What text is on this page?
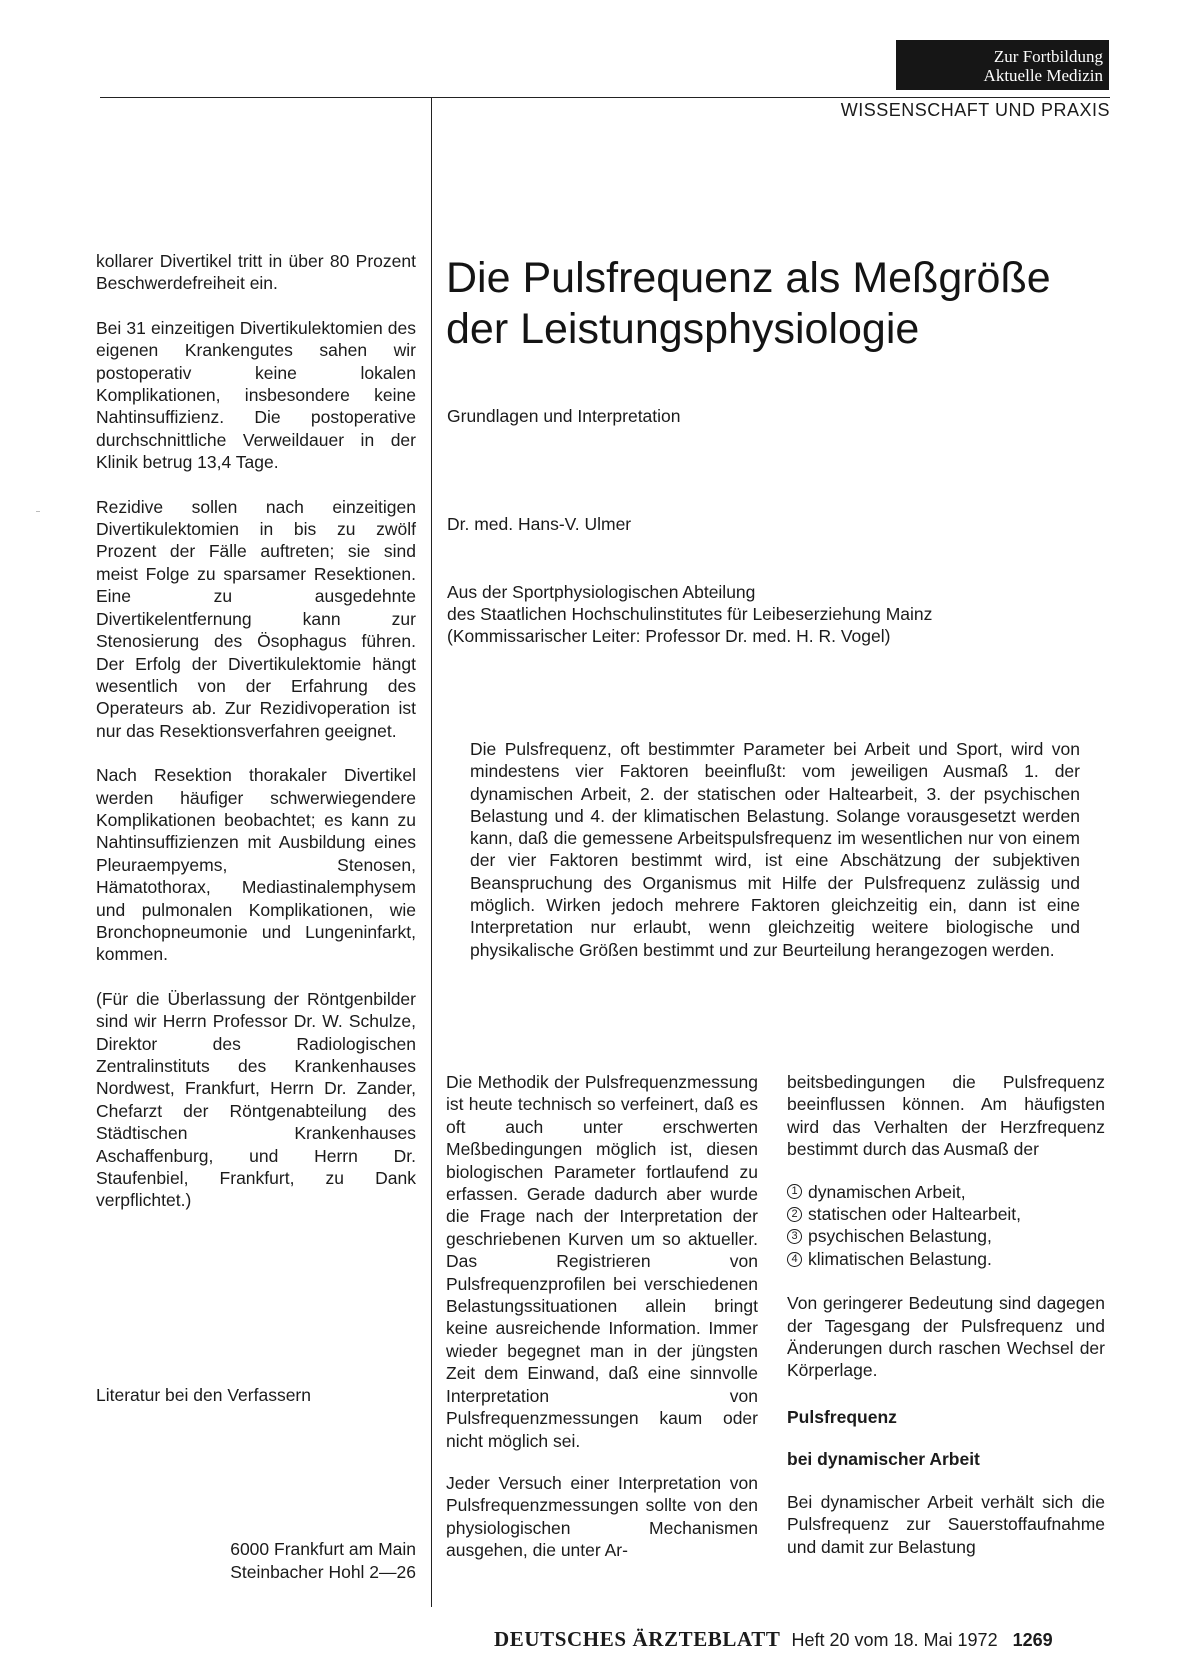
Zur Fortbildung
Aktuelle Medizin
WISSENSCHAFT UND PRAXIS

kollarer Divertikel tritt in über 80 Prozent Beschwerdefreiheit ein.

Bei 31 einzeitigen Divertikulektomien des eigenen Krankengutes sahen wir postoperativ keine lokalen Komplikationen, insbesondere keine Nahtinsuffizienz. Die postoperative durchschnittliche Verweildauer in der Klinik betrug 13,4 Tage.

Rezidive sollen nach einzeitigen Divertikulektomien in bis zu zwölf Prozent der Fälle auftreten; sie sind meist Folge zu sparsamer Resektionen. Eine zu ausgedehnte Divertikelentfernung kann zur Stenosierung des Ösophagus führen. Der Erfolg der Divertikulektomie hängt wesentlich von der Erfahrung des Operateurs ab. Zur Rezidivoperation ist nur das Resektionsverfahren geeignet.

Nach Resektion thorakaler Divertikel werden häufiger schwerwiegendere Komplikationen beobachtet; es kann zu Nahtinsuffizienzen mit Ausbildung eines Pleuraempyems, Stenosen, Hämatothorax, Mediastinalemphysem und pulmonalen Komplikationen, wie Bronchopneumonie und Lungeninfarkt, kommen.

(Für die Überlassung der Röntgenbilder sind wir Herrn Professor Dr. W. Schulze, Direktor des Radiologischen Zentralinstituts des Krankenhauses Nordwest, Frankfurt, Herrn Dr. Zander, Chefarzt der Röntgenabteilung des Städtischen Krankenhauses Aschaffenburg, und Herrn Dr. Staufenbiel, Frankfurt, zu Dank verpflichtet.)

Literatur bei den Verfassern
6000 Frankfurt am Main
Steinbacher Hohl 2—26
Die Pulsfrequenz als Meßgröße der Leistungsphysiologie
Grundlagen und Interpretation
Dr. med. Hans-V. Ulmer
Aus der Sportphysiologischen Abteilung
des Staatlichen Hochschulinstitutes für Leibeserziehung Mainz
(Kommissarischer Leiter: Professor Dr. med. H. R. Vogel)

Die Pulsfrequenz, oft bestimmter Parameter bei Arbeit und Sport, wird von mindestens vier Faktoren beeinflußt: vom jeweiligen Ausmaß 1. der dynamischen Arbeit, 2. der statischen oder Haltearbeit, 3. der psychischen Belastung und 4. der klimatischen Belastung. Solange vorausgesetzt werden kann, daß die gemessene Arbeitspulsfrequenz im wesentlichen nur von einem der vier Faktoren bestimmt wird, ist eine Abschätzung der subjektiven Beanspruchung des Organismus mit Hilfe der Pulsfrequenz zulässig und möglich. Wirken jedoch mehrere Faktoren gleichzeitig ein, dann ist eine Interpretation nur erlaubt, wenn gleichzeitig weitere biologische und physikalische Größen bestimmt und zur Beurteilung herangezogen werden.

Die Methodik der Pulsfrequenzmessung ist heute technisch so verfeinert, daß es oft auch unter erschwerten Meßbedingungen möglich ist, diesen biologischen Parameter fortlaufend zu erfassen. Gerade dadurch aber wurde die Frage nach der Interpretation der geschriebenen Kurven um so aktueller. Das Registrieren von Pulsfrequenzprofilen bei verschiedenen Belastungssituationen allein bringt keine ausreichende Information. Immer wieder begegnet man in der jüngsten Zeit dem Einwand, daß eine sinnvolle Interpretation von Pulsfrequenzmessungen kaum oder nicht möglich sei.

Jeder Versuch einer Interpretation von Pulsfrequenzmessungen sollte von den physiologischen Mechanismen ausgehen, die unter Ar-

beitsbedingungen die Pulsfrequenz beeinflussen können. Am häufigsten wird das Verhalten der Herzfrequenz bestimmt durch das Ausmaß der

1 dynamischen Arbeit,
2 statischen oder Haltearbeit,
3 psychischen Belastung,
4 klimatischen Belastung.

Von geringerer Bedeutung sind dagegen der Tagesgang der Pulsfrequenz und Änderungen durch raschen Wechsel der Körperlage.

Pulsfrequenz

bei dynamischer Arbeit

Bei dynamischer Arbeit verhält sich die Pulsfrequenz zur Sauerstoffaufnahme und damit zur Belastung

DEUTSCHES ÄRZTEBLATT Heft 20 vom 18. Mai 1972 1269
